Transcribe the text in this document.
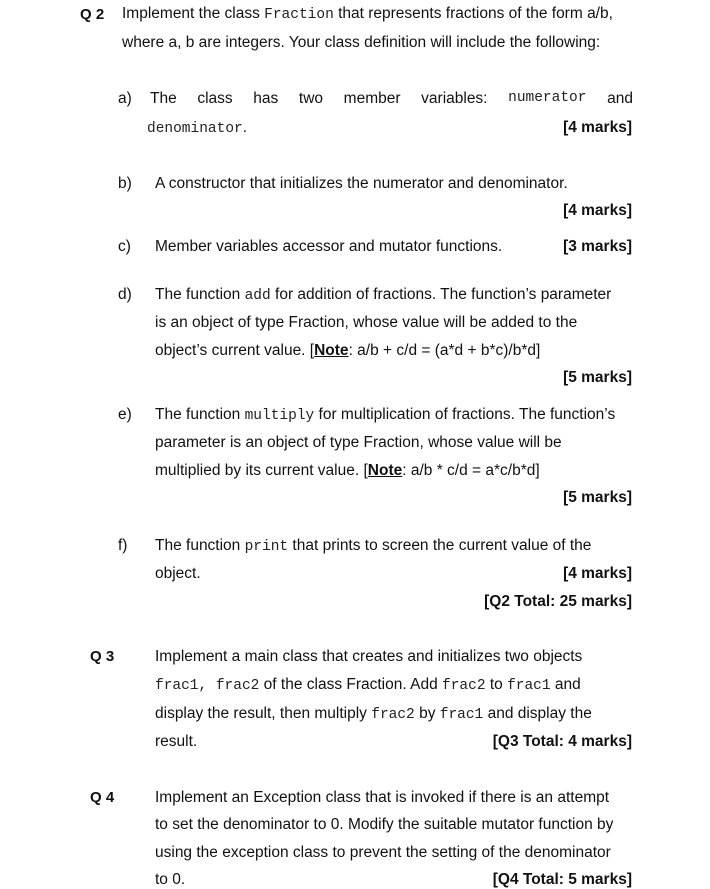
Q 2 Implement the class Fraction that represents fractions of the form a/b,
where a, b are integers. Your class definition will include the following:
a) The class has two member variables: numerator and
denominator.	[4 marks]
b) A constructor that initializes the numerator and denominator.
[4 marks]
c) Member variables accessor and mutator functions.	[3 marks]
d) The function add for addition of fractions. The function’s parameter
is an object of type Fraction, whose value will be added to the
object’s current value. [Note: a/b + c/d = (a*d + b*c)/b*d]
[5 marks]
e) The function multiply for multiplication of fractions. The function’s
parameter is an object of type Fraction, whose value will be
multiplied by its current value. [Note: a/b * c/d = a*c/b*d]
[5 marks]
f) The function print that prints to screen the current value of the
object.	[4 marks]
[Q2 Total: 25 marks]
Q 3	Implement a main class that creates and initializes two objects
frac1, frac2 of the class Fraction. Add frac2 to frac1 and
display the result, then multiply frac2 by frac1 and display the
result.	[Q3 Total: 4 marks]
Q 4	Implement an Exception class that is invoked if there is an attempt
to set the denominator to 0. Modify the suitable mutator function by
using the exception class to prevent the setting of the denominator
to 0.	[Q4 Total: 5 marks]
